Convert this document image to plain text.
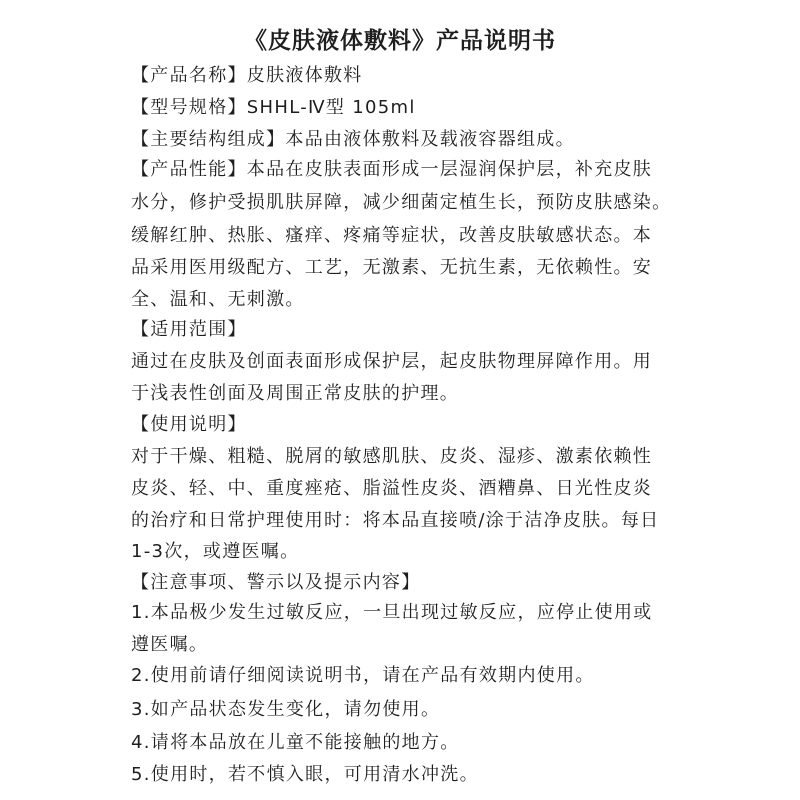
《皮肤液体敷料》产品说明书
【产品名称】皮肤液体敷料
【型号规格】SHHL-Ⅳ型 105ml
【主要结构组成】本品由液体敷料及载液容器组成。
【产品性能】本品在皮肤表面形成一层湿润保护层，补充皮肤
水分，修护受损肌肤屏障，减少细菌定植生长，预防皮肤感染。
缓解红肿、热胀、瘙痒、疼痛等症状，改善皮肤敏感状态。本
品采用医用级配方、工艺，无激素、无抗生素，无依赖性。安
全、温和、无刺激。
【适用范围】
通过在皮肤及创面表面形成保护层，起皮肤物理屏障作用。用
于浅表性创面及周围正常皮肤的护理。
【使用说明】
对于干燥、粗糙、脱屑的敏感肌肤、皮炎、湿疹、激素依赖性
皮炎、轻、中、重度痤疮、脂溢性皮炎、酒糟鼻、日光性皮炎
的治疗和日常护理使用时：将本品直接喷/涂于洁净皮肤。每日
1-3次，或遵医嘱。
【注意事项、警示以及提示内容】
1.本品极少发生过敏反应，一旦出现过敏反应，应停止使用或
遵医嘱。
2.使用前请仔细阅读说明书，请在产品有效期内使用。
3.如产品状态发生变化，请勿使用。
4.请将本品放在儿童不能接触的地方。
5.使用时，若不慎入眼，可用清水冲洗。
